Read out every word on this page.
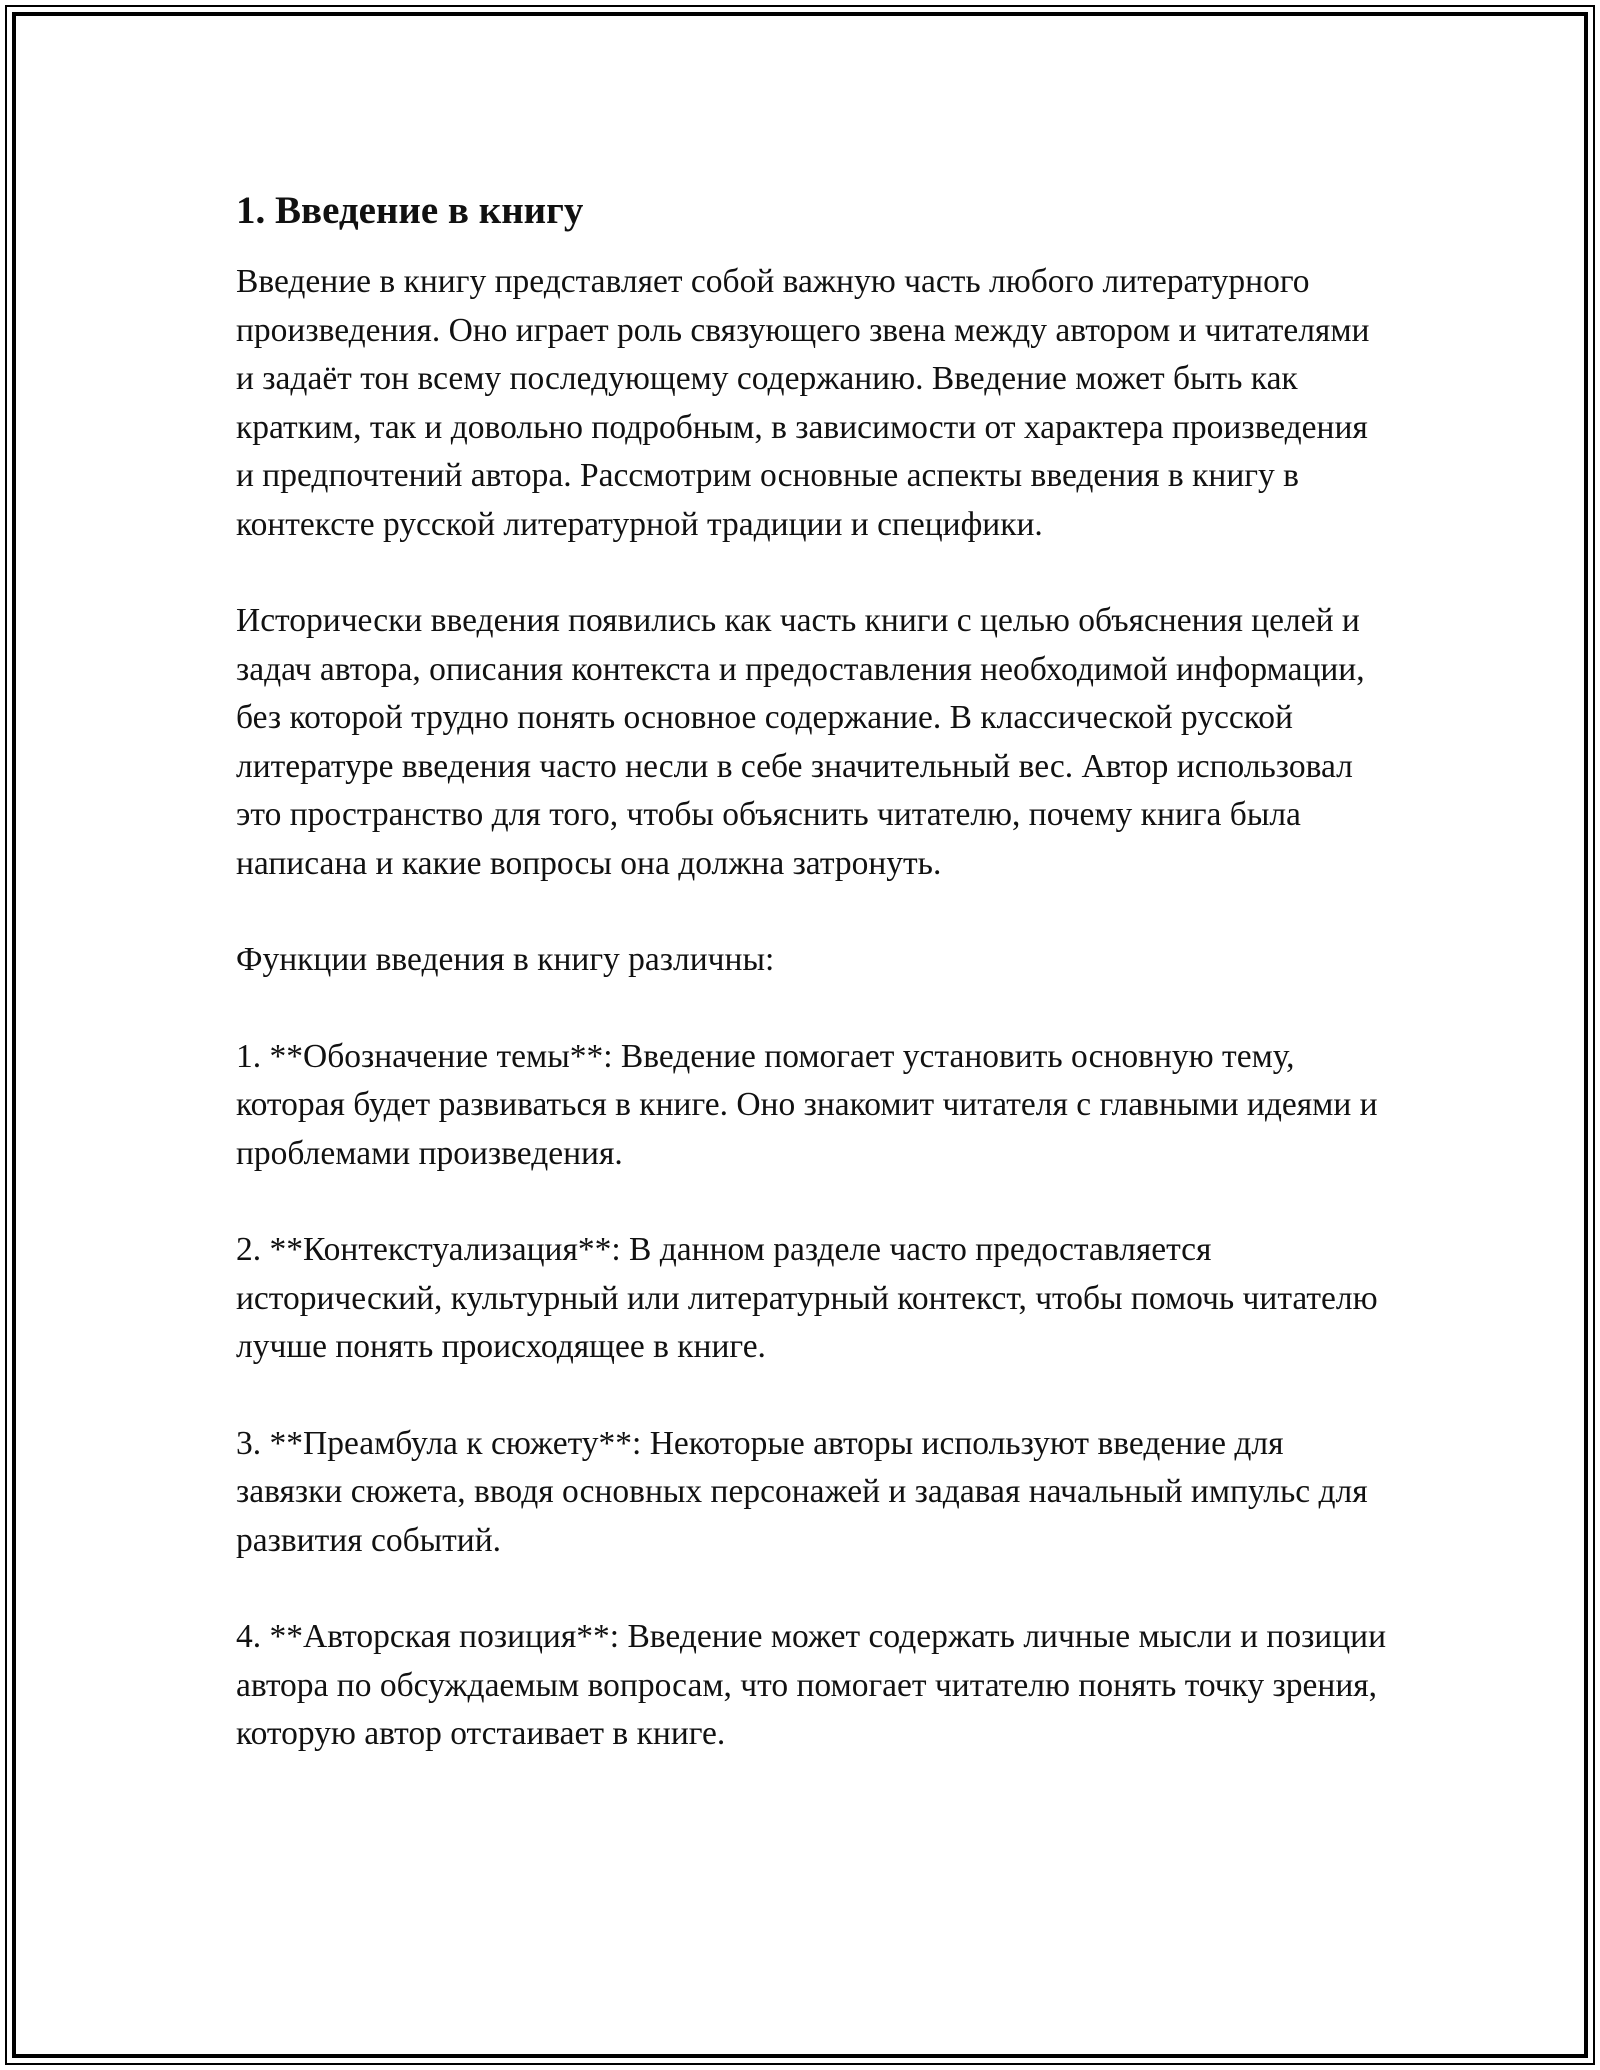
1. Введение в книгу

Введение в книгу представляет собой важную часть любого литературного произведения. Оно играет роль связующего звена между автором и читателями и задаёт тон всему последующему содержанию. Введение может быть как кратким, так и довольно подробным, в зависимости от характера произведения и предпочтений автора. Рассмотрим основные аспекты введения в книгу в контексте русской литературной традиции и специфики.

Исторически введения появились как часть книги с целью объяснения целей и задач автора, описания контекста и предоставления необходимой информации, без которой трудно понять основное содержание. В классической русской литературе введения часто несли в себе значительный вес. Автор использовал это пространство для того, чтобы объяснить читателю, почему книга была написана и какие вопросы она должна затронуть.

Функции введения в книгу различны:

1. **Обозначение темы**: Введение помогает установить основную тему, которая будет развиваться в книге. Оно знакомит читателя с главными идеями и проблемами произведения.

2. **Контекстуализация**: В данном разделе часто предоставляется исторический, культурный или литературный контекст, чтобы помочь читателю лучше понять происходящее в книге.

3. **Преамбула к сюжету**: Некоторые авторы используют введение для завязки сюжета, вводя основных персонажей и задавая начальный импульс для развития событий.

4. **Авторская позиция**: Введение может содержать личные мысли и позиции автора по обсуждаемым вопросам, что помогает читателю понять точку зрения, которую автор отстаивает в книге.
